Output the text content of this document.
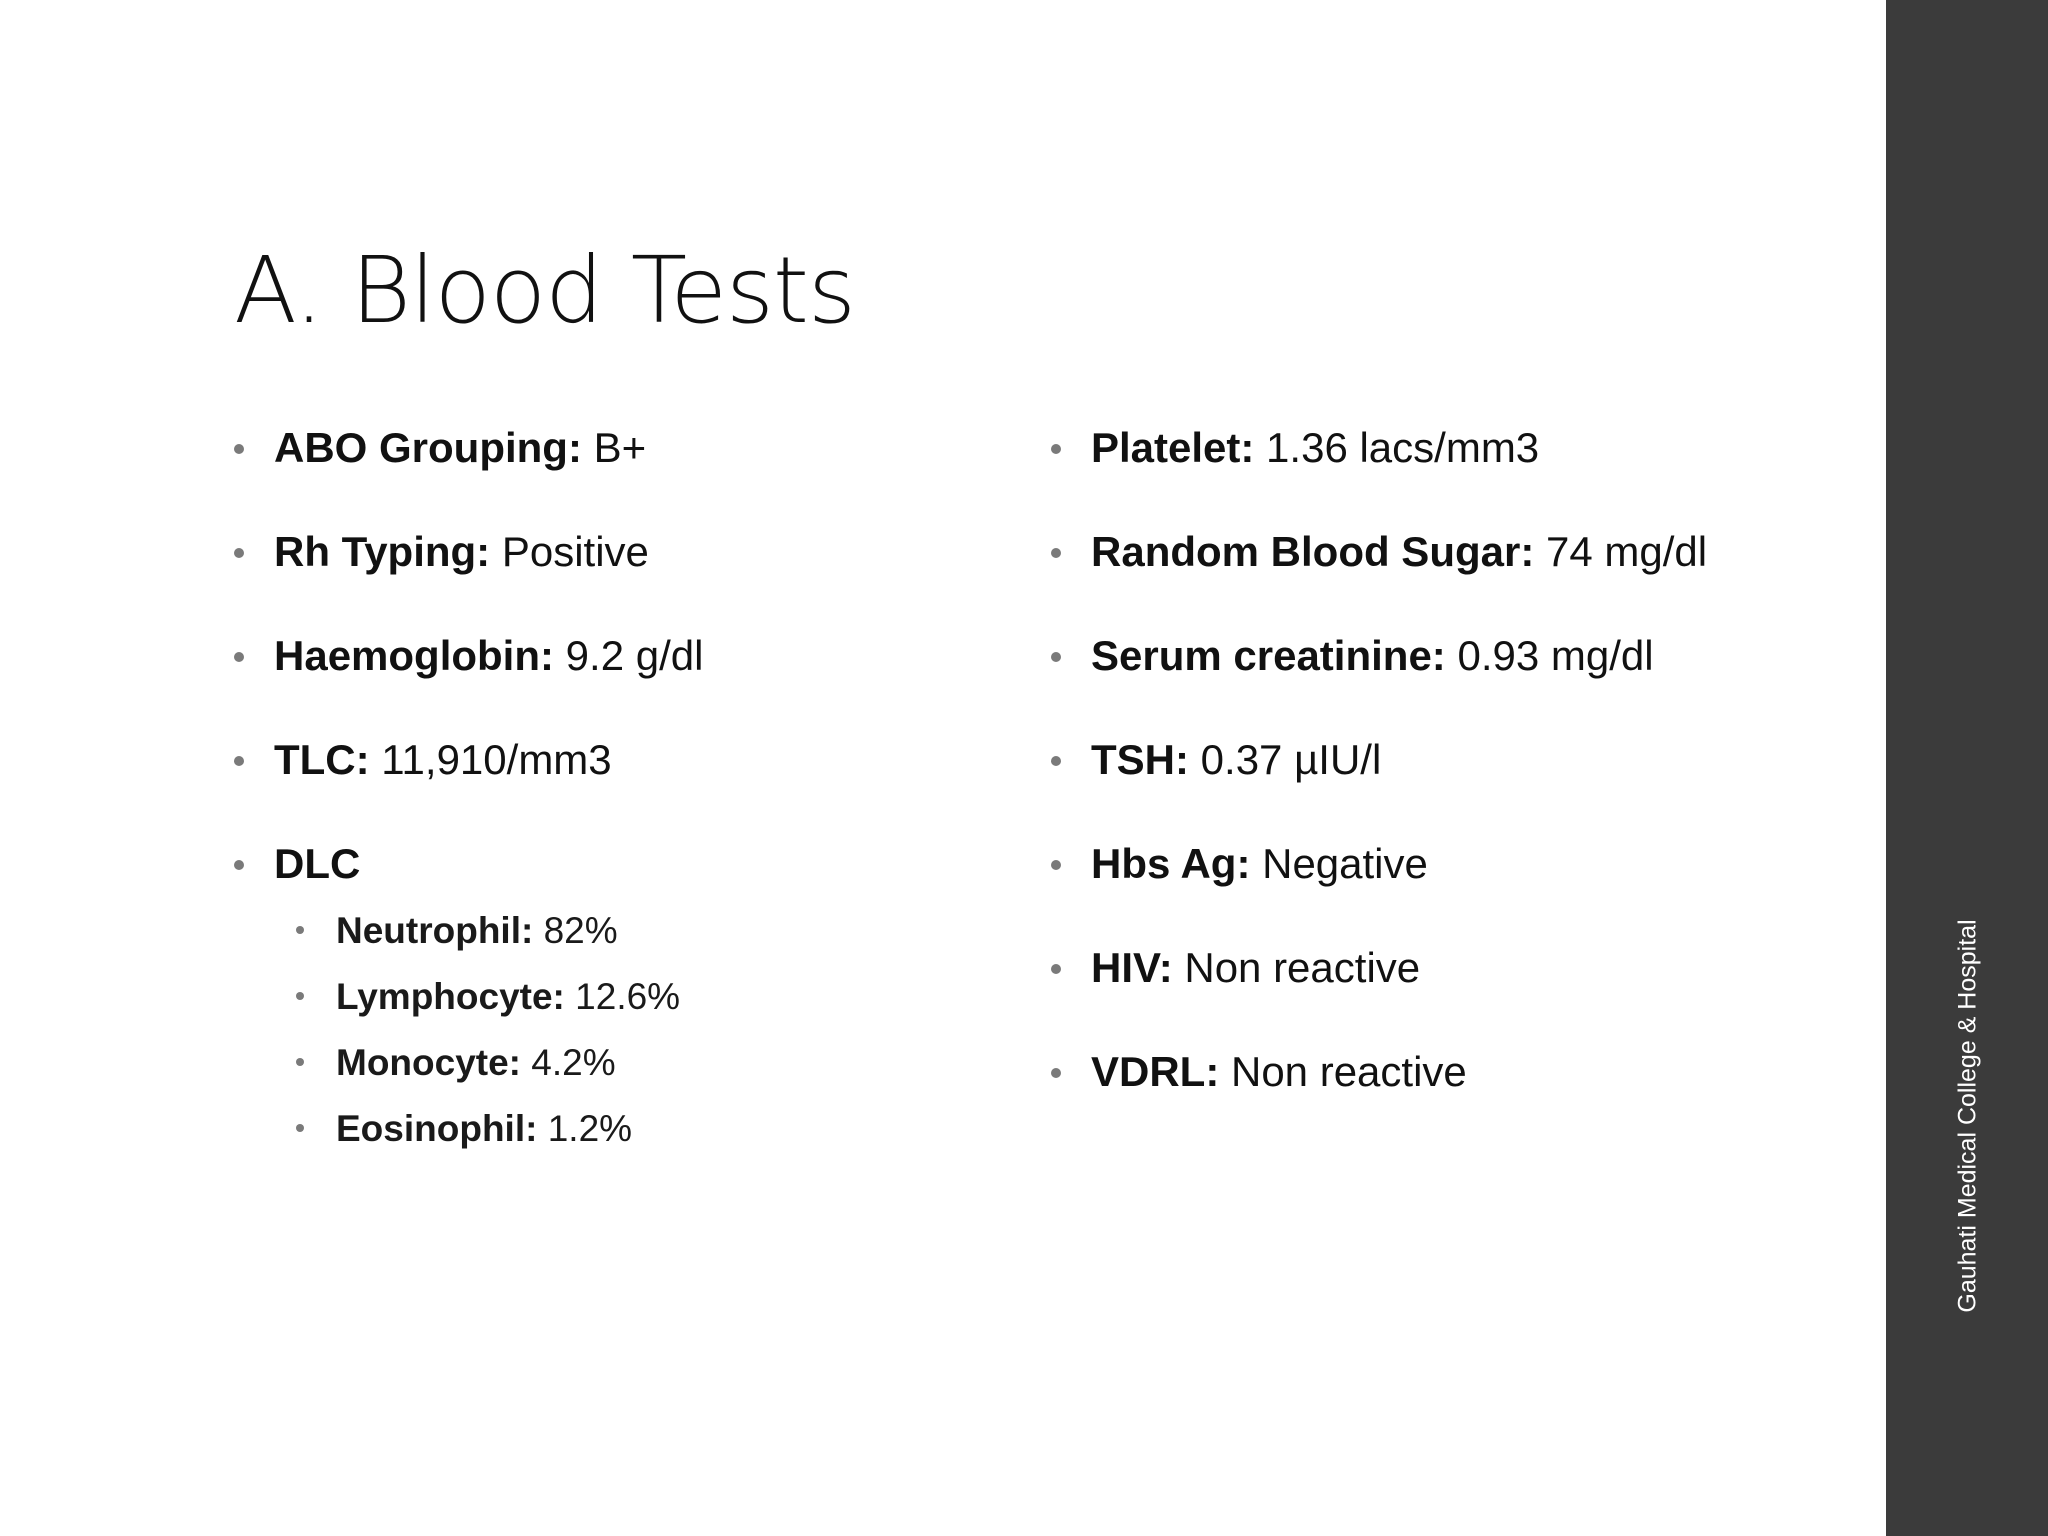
A. Blood Tests
ABO Grouping: B+
Rh Typing: Positive
Haemoglobin: 9.2 g/dl
TLC: 11,910/mm3
DLC
Neutrophil: 82%
Lymphocyte: 12.6%
Monocyte: 4.2%
Eosinophil: 1.2%
Platelet: 1.36 lacs/mm3
Random Blood Sugar: 74 mg/dl
Serum creatinine: 0.93 mg/dl
TSH: 0.37 µIU/l
Hbs Ag: Negative
HIV: Non reactive
VDRL: Non reactive	Gauhati Medical College & Hospital
